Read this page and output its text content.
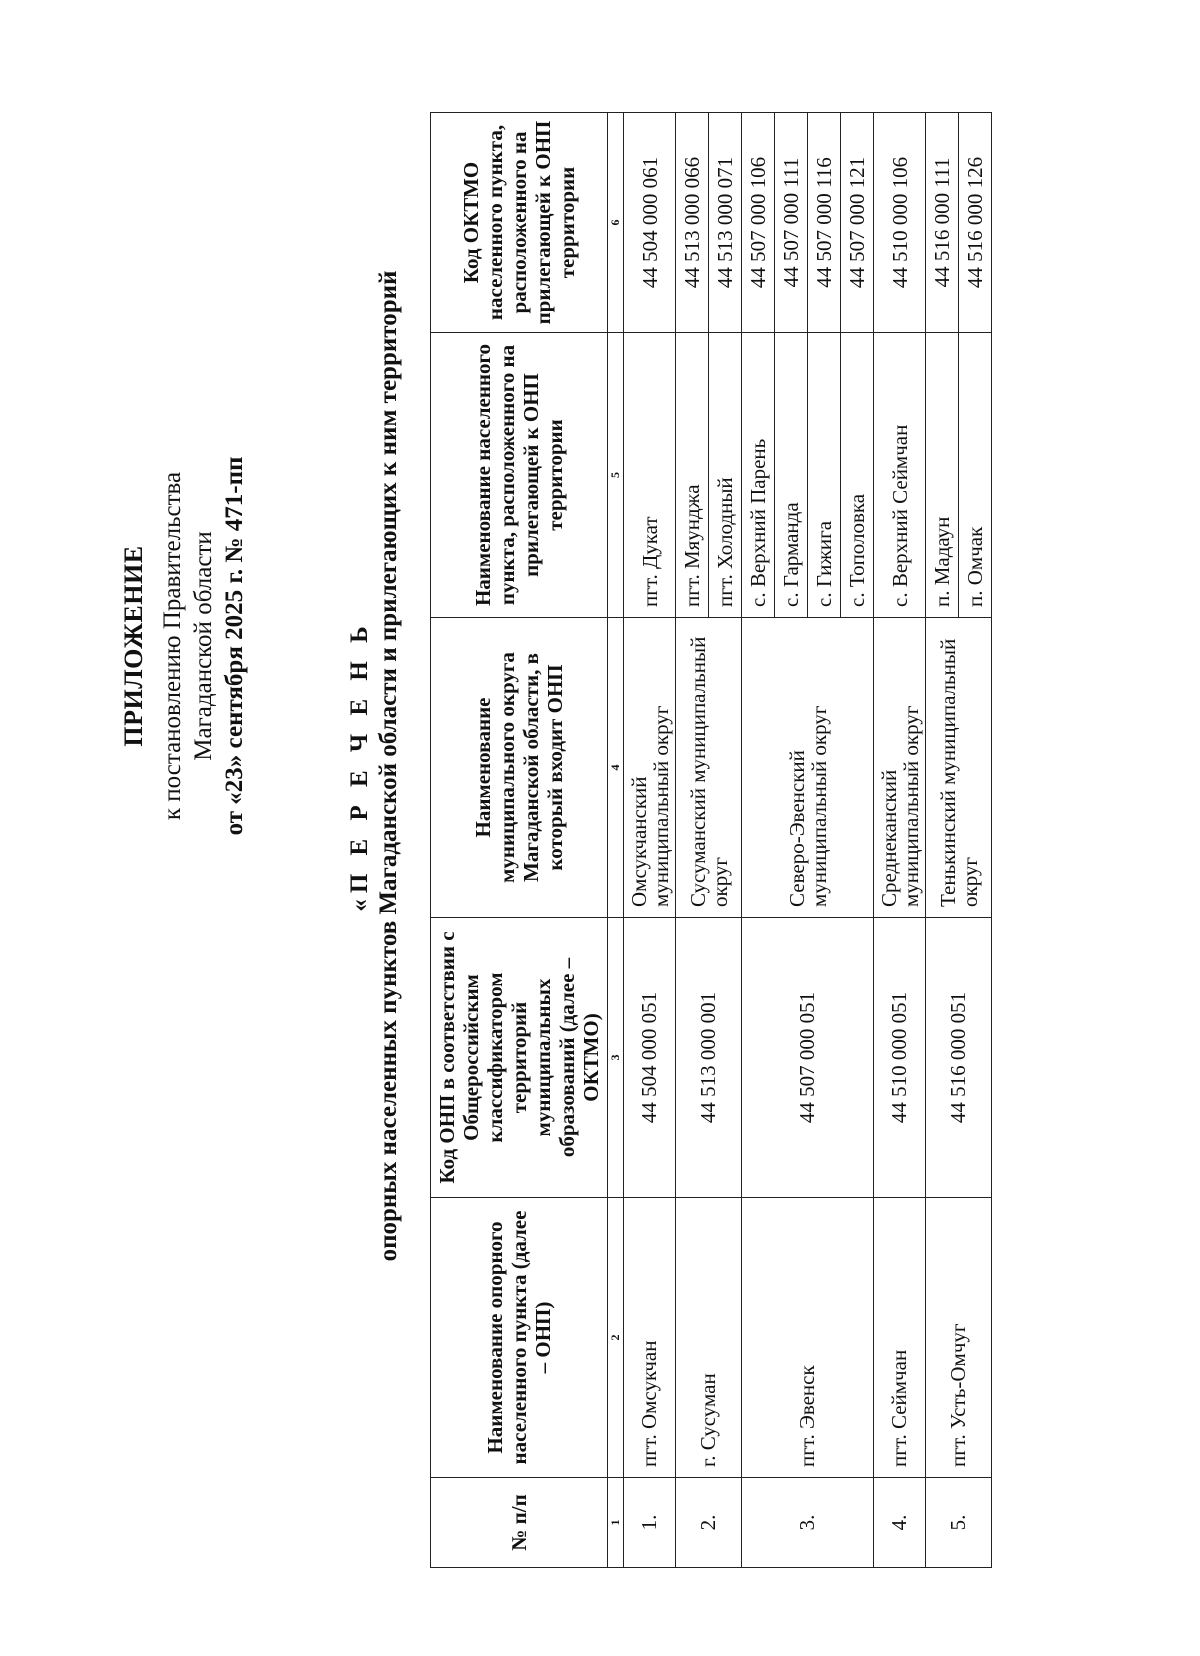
ПРИЛОЖЕНИЕ к постановлению Правительства Магаданской области от «23» сентября 2025 г. № 471-пп	«П Е Р Е Ч Е Н Ь опорных населенных пунктов Магаданской области и прилегающих к ним территорий
№ п/п	Наименование опорного населенного пункта (далее – ОНП)	Код ОНП в соответствии с Общероссийским классификатором территорий муниципальных образований (далее – ОКТМО)	Наименование муниципального округа Магаданской области, в который входит ОНП	Наименование населенного пункта, расположенного на прилегающей к ОНП территории	Код ОКТМО населенного пункта, расположенного на прилегающей к ОНП территории
1	2	3	4	5	6
1.	пгт. Омсукчан	44 504 000 051	Омсукчанский муниципальный округ	пгт. Дукат	44 504 000 061
2.	г. Сусуман	44 513 000 001	Сусуманский муниципальный округ	пгт. Мяунджа	44 513 000 066
				пгт. Холодный	44 513 000 071
3.	пгт. Эвенск	44 507 000 051	Северо-Эвенский муниципальный округ	с. Верхний Парень	44 507 000 106
				с. Гарманда	44 507 000 111
				с. Гижига	44 507 000 116
				с. Тополовка	44 507 000 121
4.	пгт. Сеймчан	44 510 000 051	Среднеканский муниципальный округ	с. Верхний Сеймчан	44 510 000 106
5.	пгт. Усть-Омчуг	44 516 000 051	Тенькинский муниципальный округ	п. Мадаун	44 516 000 111
				п. Омчак	44 516 000 126
